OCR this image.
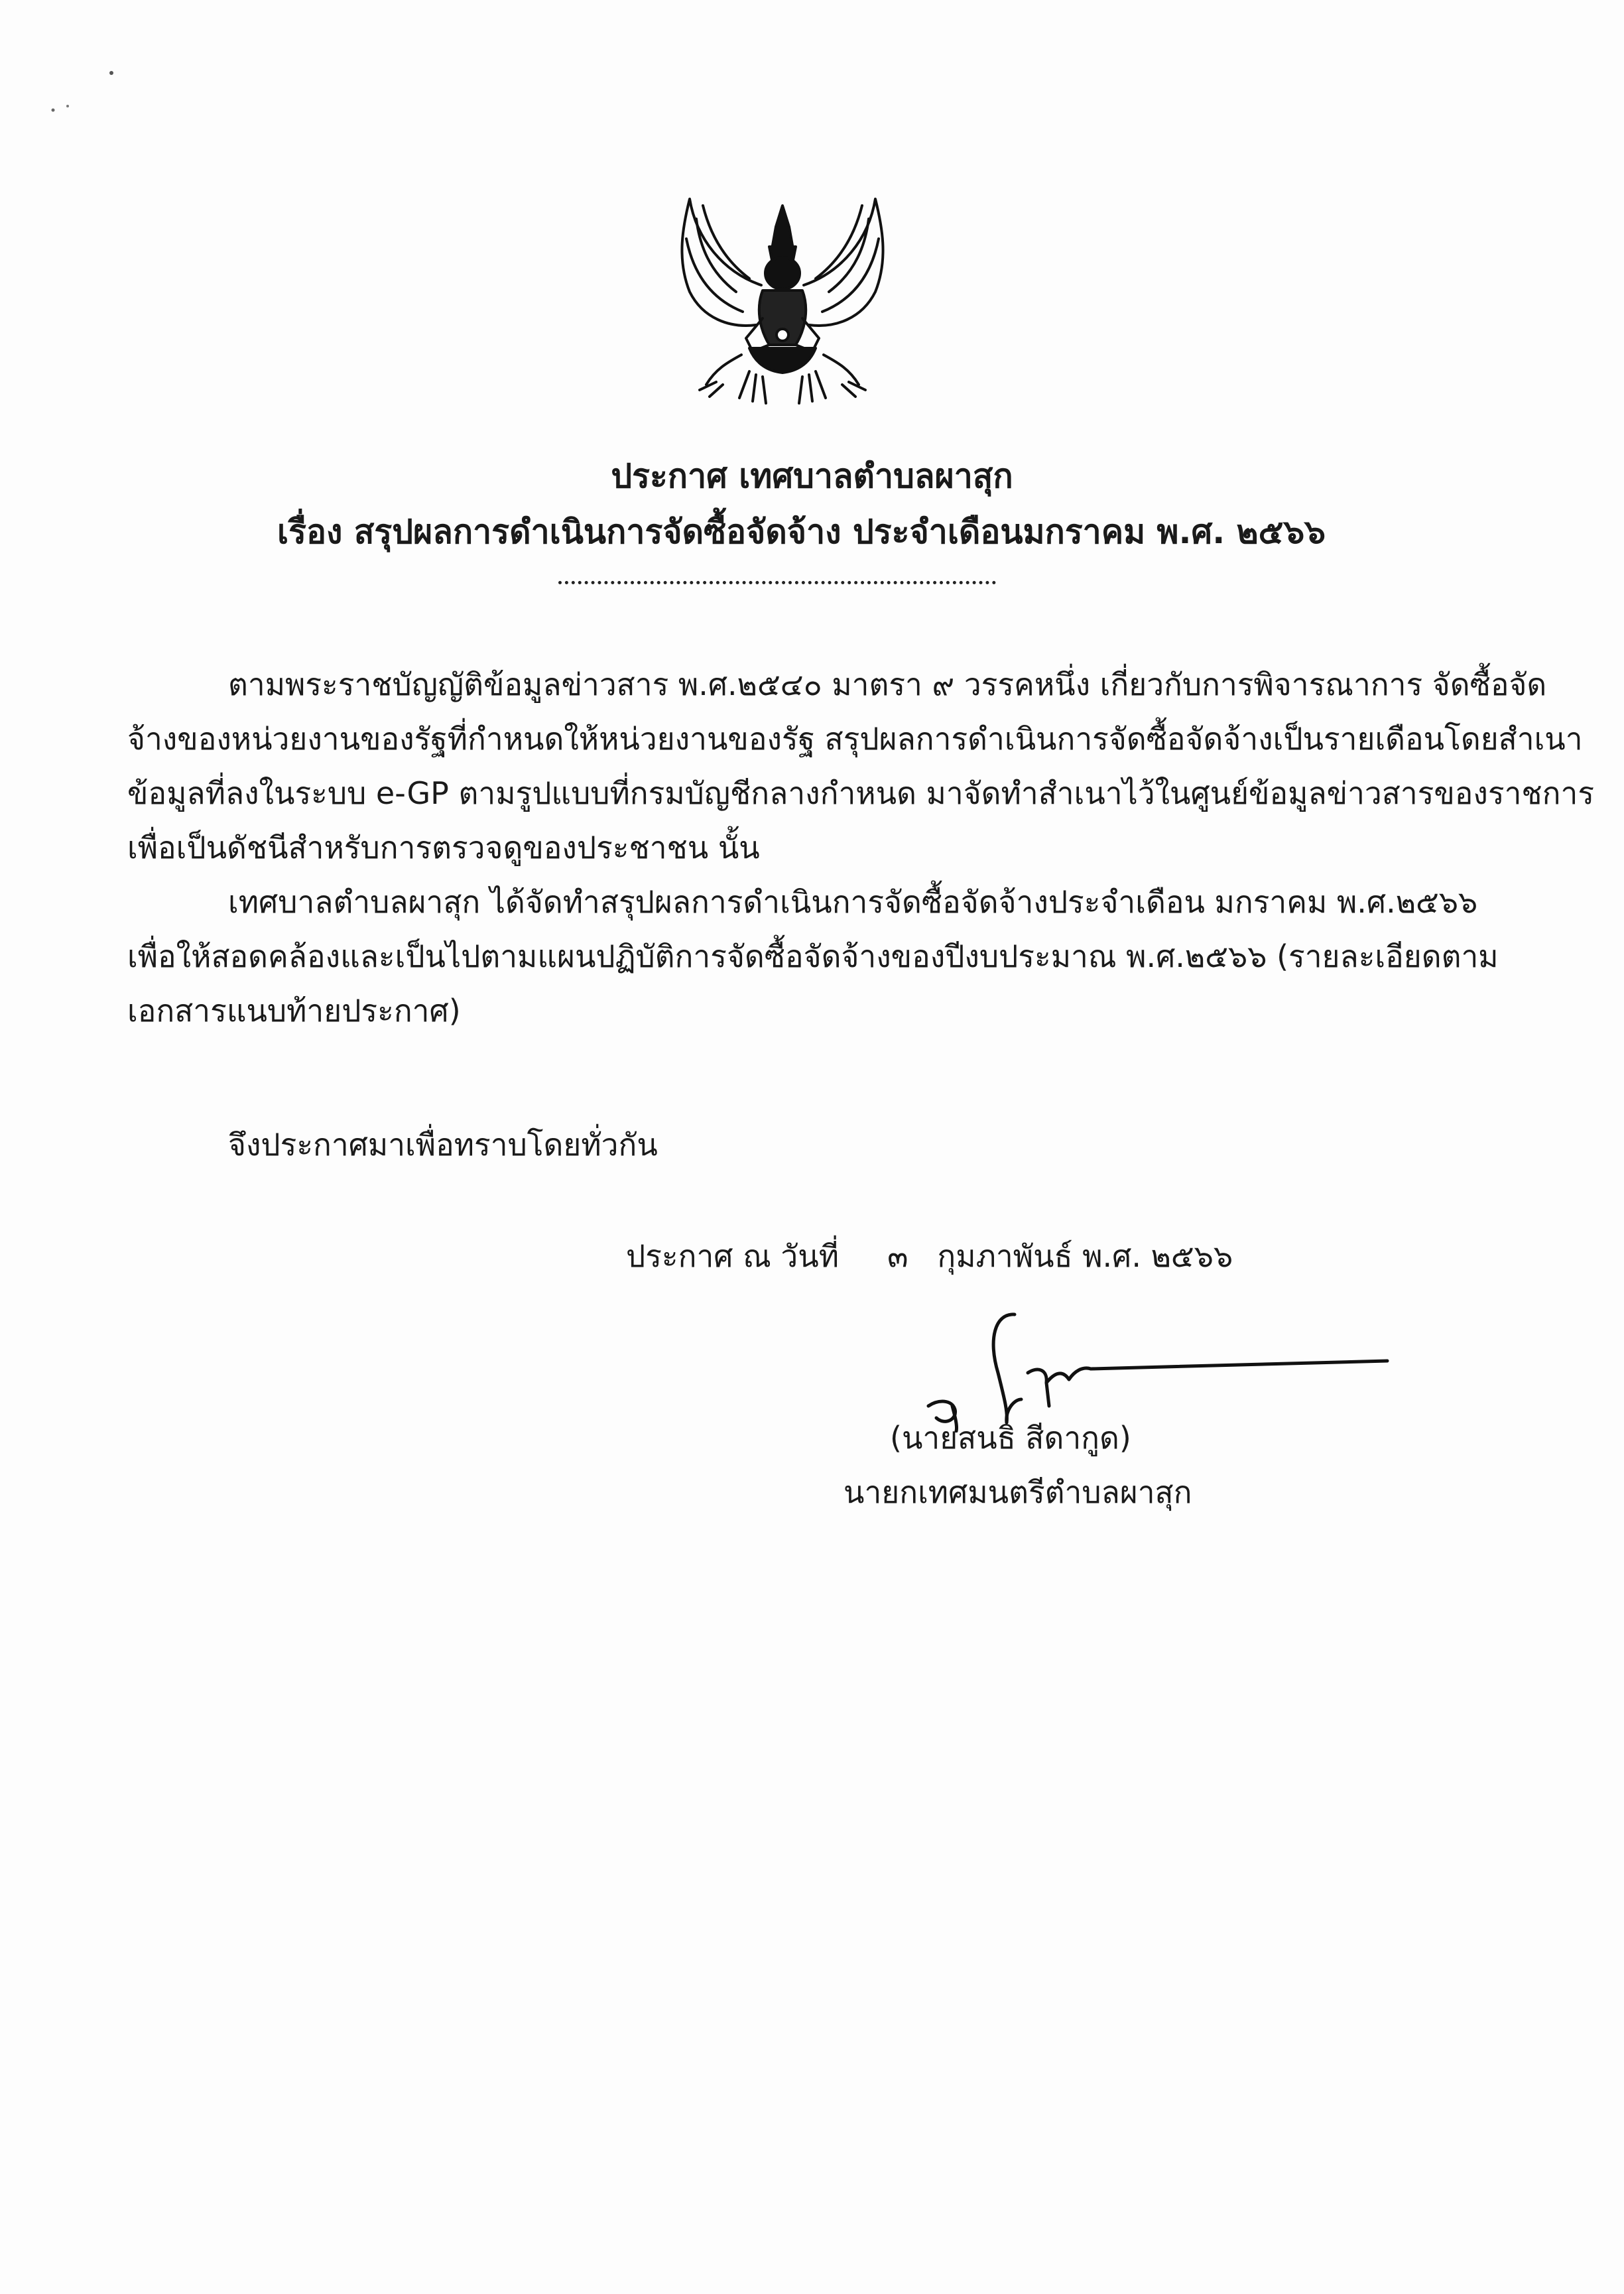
ประกาศ เทศบาลตำบลผาสุก
เรื่อง สรุปผลการดำเนินการจัดซื้อจัดจ้าง ประจำเดือนมกราคม พ.ศ. ๒๕๖๖
ตามพระราชบัญญัติข้อมูลข่าวสาร พ.ศ.๒๕๔๐ มาตรา ๙ วรรคหนึ่ง เกี่ยวกับการพิจารณาการ จัดซื้อจัด
จ้างของหน่วยงานของรัฐที่กำหนดให้หน่วยงานของรัฐ สรุปผลการดำเนินการจัดซื้อจัดจ้างเป็นรายเดือนโดยสำเนา
ข้อมูลที่ลงในระบบ e-GP ตามรูปแบบที่กรมบัญชีกลางกำหนด มาจัดทำสำเนาไว้ในศูนย์ข้อมูลข่าวสารของราชการ
เพื่อเป็นดัชนีสำหรับการตรวจดูของประชาชน นั้น
เทศบาลตำบลผาสุก ได้จัดทำสรุปผลการดำเนินการจัดซื้อจัดจ้างประจำเดือน มกราคม พ.ศ.๒๕๖๖
เพื่อให้สอดคล้องและเป็นไปตามแผนปฏิบัติการจัดซื้อจัดจ้างของปีงบประมาณ พ.ศ.๒๕๖๖ (รายละเอียดตาม
เอกสารแนบท้ายประกาศ)
จึงประกาศมาเพื่อทราบโดยทั่วกัน
ประกาศ ณ วันที่     ๓   กุมภาพันธ์ พ.ศ. ๒๕๖๖
(นายสนธิ สีดากูด)
นายกเทศมนตรีตำบลผาสุก
